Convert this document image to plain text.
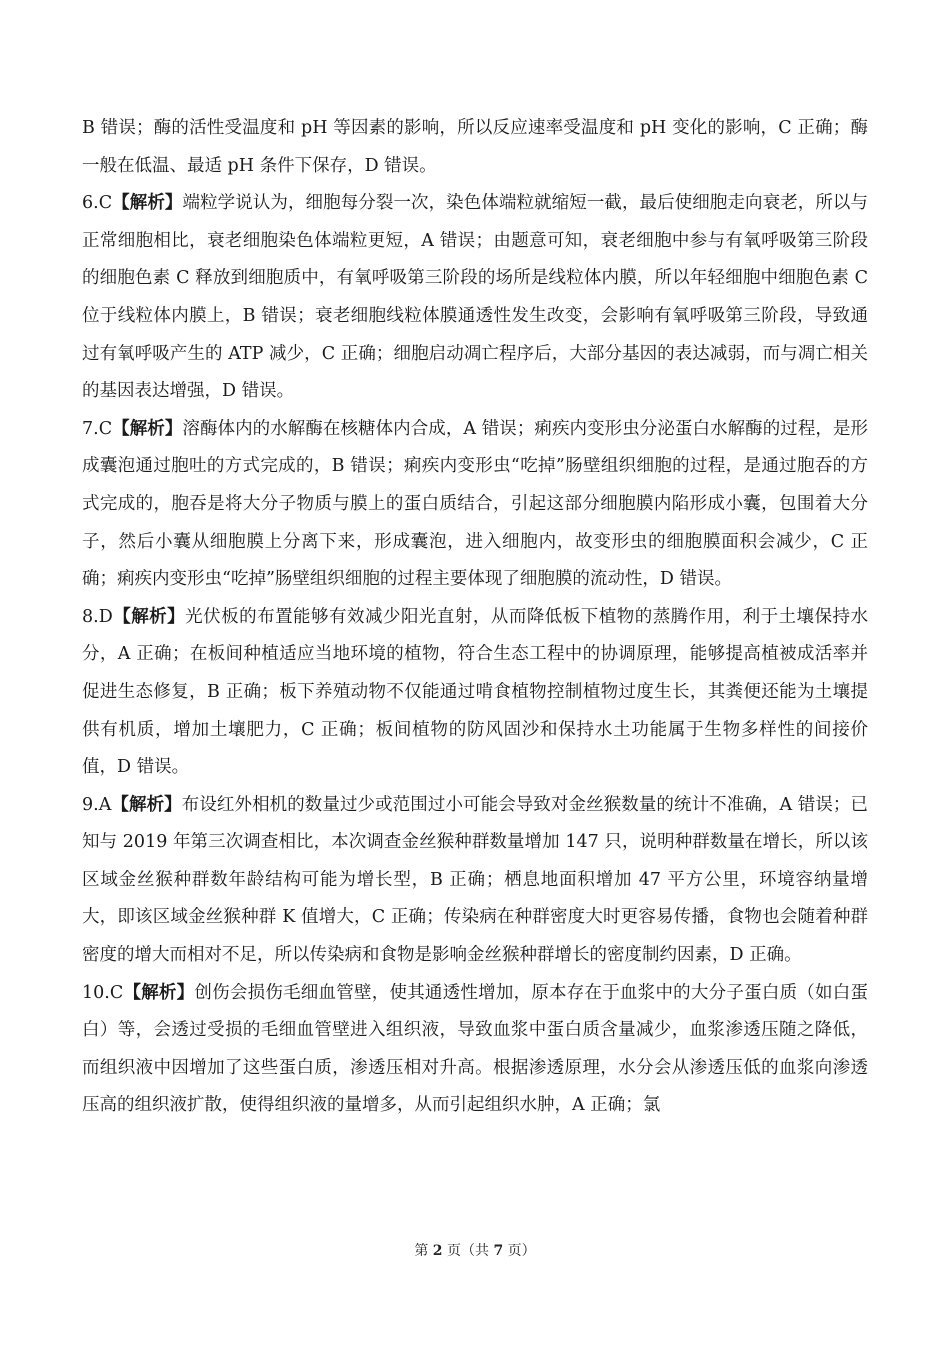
B 错误；酶的活性受温度和 pH 等因素的影响，所以反应速率受温度和 pH 变化的影响，C 正确；酶一般在低温、最适 pH 条件下保存，D 错误。

6.C【解析】端粒学说认为，细胞每分裂一次，染色体端粒就缩短一截，最后使细胞走向衰老，所以与正常细胞相比，衰老细胞染色体端粒更短，A 错误；由题意可知，衰老细胞中参与有氧呼吸第三阶段的细胞色素 C 释放到细胞质中，有氧呼吸第三阶段的场所是线粒体内膜，所以年轻细胞中细胞色素 C 位于线粒体内膜上，B 错误；衰老细胞线粒体膜通透性发生改变，会影响有氧呼吸第三阶段，导致通过有氧呼吸产生的 ATP 减少，C 正确；细胞启动凋亡程序后，大部分基因的表达减弱，而与凋亡相关的基因表达增强，D 错误。

7.C【解析】溶酶体内的水解酶在核糖体内合成，A 错误；痢疾内变形虫分泌蛋白水解酶的过程，是形成囊泡通过胞吐的方式完成的，B 错误；痢疾内变形虫“吃掉”肠壁组织细胞的过程，是通过胞吞的方式完成的，胞吞是将大分子物质与膜上的蛋白质结合，引起这部分细胞膜内陷形成小囊，包围着大分子，然后小囊从细胞膜上分离下来，形成囊泡，进入细胞内，故变形虫的细胞膜面积会减少，C 正确；痢疾内变形虫“吃掉”肠壁组织细胞的过程主要体现了细胞膜的流动性，D 错误。

8.D【解析】光伏板的布置能够有效减少阳光直射，从而降低板下植物的蒸腾作用，利于土壤保持水分，A 正确；在板间种植适应当地环境的植物，符合生态工程中的协调原理，能够提高植被成活率并促进生态修复，B 正确；板下养殖动物不仅能通过啃食植物控制植物过度生长，其粪便还能为土壤提供有机质，增加土壤肥力，C 正确；板间植物的防风固沙和保持水土功能属于生物多样性的间接价值，D 错误。

9.A【解析】布设红外相机的数量过少或范围过小可能会导致对金丝猴数量的统计不准确，A 错误；已知与 2019 年第三次调查相比，本次调查金丝猴种群数量增加 147 只，说明种群数量在增长，所以该区域金丝猴种群数年龄结构可能为增长型，B 正确；栖息地面积增加 47 平方公里，环境容纳量增大，即该区域金丝猴种群 K 值增大，C 正确；传染病在种群密度大时更容易传播，食物也会随着种群密度的增大而相对不足，所以传染病和食物是影响金丝猴种群增长的密度制约因素，D 正确。

10.C【解析】创伤会损伤毛细血管壁，使其通透性增加，原本存在于血浆中的大分子蛋白质（如白蛋白）等，会透过受损的毛细血管壁进入组织液，导致血浆中蛋白质含量减少，血浆渗透压随之降低，而组织液中因增加了这些蛋白质，渗透压相对升高。根据渗透原理，水分会从渗透压低的血浆向渗透压高的组织液扩散，使得组织液的量增多，从而引起组织水肿，A 正确；氯

第 2 页（共 7 页）
